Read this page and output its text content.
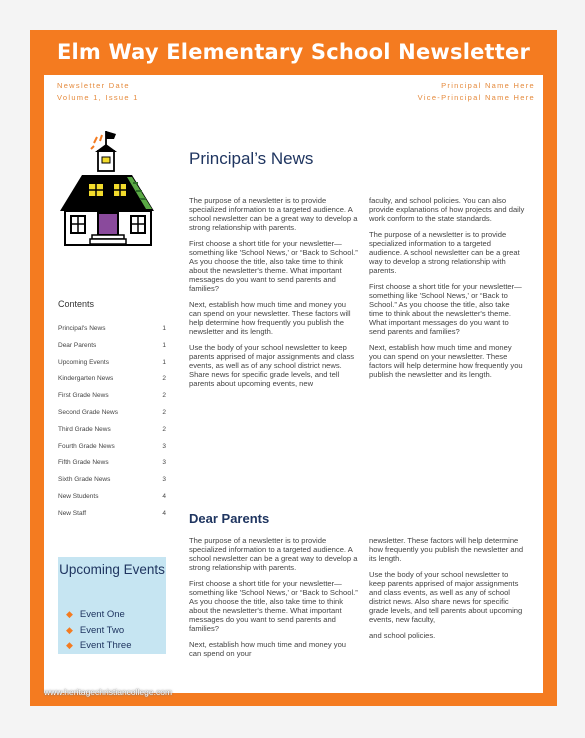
Elm Way Elementary School Newsletter
Newsletter Date
Volume 1, Issue 1
Principal Name Here
Vice-Principal Name Here
Contents
Principal's News	1
Dear Parents	1
Upcoming Events	1
Kindergarten News	2
First Grade News	2
Second Grade News	2
Third Grade News	2
Fourth Grade News	3
Fifth Grade News	3
Sixth Grade News	3
New Students	4
New Staff	4
Upcoming Events
◆ Event One
◆ Event Two
◆ Event Three
Principal’s News

The purpose of a newsletter is to provide specialized information to a targeted audience. A school newsletter can be a great way to develop a strong relationship with parents.

First choose a short title for your newsletter— something like 'School News,' or “Back to School.” As you choose the title, also take time to think about the newsletter's theme. What important messages do you want to send parents and families?

Next, establish how much time and money you can spend on your newsletter. These factors will help determine how frequently you publish the newsletter and its length.

Use the body of your school newsletter to keep parents apprised of major assignments and class events, as well as of any school district news. Share news for specific grade levels, and tell parents about upcoming events, new

faculty, and school policies. You can also provide explanations of how projects and daily work conform to the state standards.

The purpose of a newsletter is to provide specialized information to a targeted audience. A school newsletter can be a great way to develop a strong relationship with parents.

First choose a short title for your newsletter— something like 'School News,' or “Back to School.” As you choose the title, also take time to think about the newsletter's theme. What important messages do you want to send parents and families?

Next, establish how much time and money you can spend on your newsletter. These factors will help determine how frequently you publish the newsletter and its length.

Dear Parents

The purpose of a newsletter is to provide specialized information to a targeted audience. A school newsletter can be a great way to develop a strong relationship with parents.

First choose a short title for your newsletter— something like 'School News,' or “Back to School.” As you choose the title, also take time to think about the newsletter's theme. What important messages do you want to send parents and families?

Next, establish how much time and money you can spend on your

newsletter. These factors will help determine how frequently you publish the newsletter and its length.

Use the body of your school newsletter to keep parents apprised of major assignments and class events, as well as any of school district news. Also share news for specific grade levels, and tell parents about upcoming events, new faculty,

and school policies.

www.heritagechristiancollege.com
